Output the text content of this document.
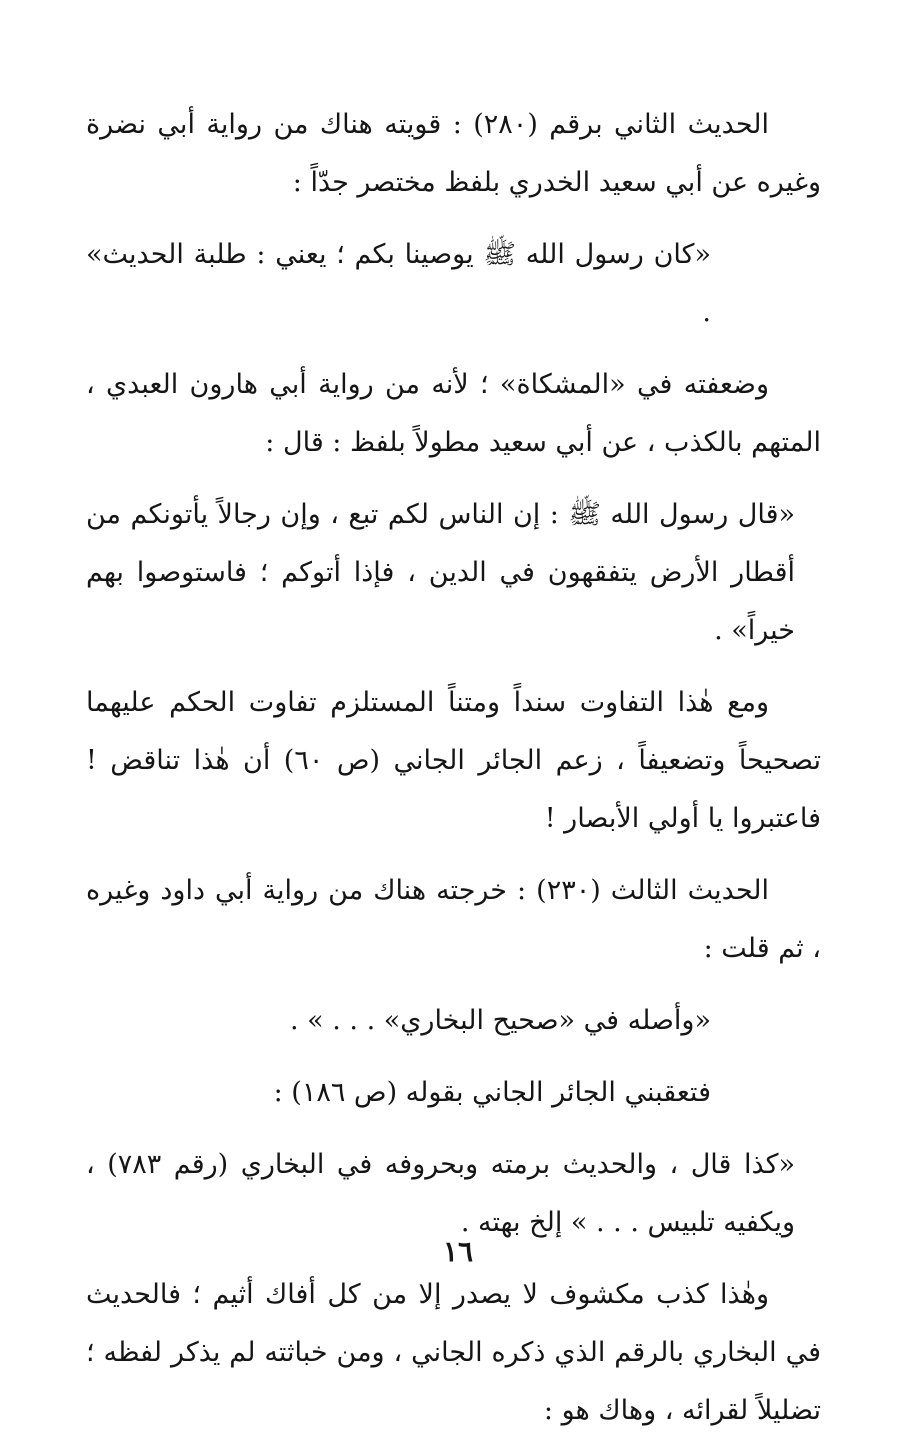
الحديث الثاني برقم (٢٨٠) : قويته هناك من رواية أبي نضرة وغيره عن أبي سعيد الخدري بلفظ مختصر جدّاً :

«كان رسول الله ﷺ يوصينا بكم ؛ يعني : طلبة الحديث» .

وضعفته في «المشكاة» ؛ لأنه من رواية أبي هارون العبدي ، المتهم بالكذب ، عن أبي سعيد مطولاً بلفظ : قال :

«قال رسول الله ﷺ : إن الناس لكم تبع ، وإن رجالاً يأتونكم من أقطار الأرض يتفقهون في الدين ، فإذا أتوكم ؛ فاستوصوا بهم خيراً» .

ومع هٰذا التفاوت سنداً ومتناً المستلزم تفاوت الحكم عليهما تصحيحاً وتضعيفاً ، زعم الجائر الجاني (ص ٦٠) أن هٰذا تناقض ! فاعتبروا يا أولي الأبصار !

الحديث الثالث (٢٣٠) : خرجته هناك من رواية أبي داود وغيره ، ثم قلت :

«وأصله في «صحيح البخاري» . . . » .

فتعقبني الجائر الجاني بقوله (ص ١٨٦) :

«كذا قال ، والحديث برمته وبحروفه في البخاري (رقم ٧٨٣) ، ويكفيه تلبيس . . . » إلخ بهته .

وهٰذا كذب مكشوف لا يصدر إلا من كل أفاك أثيم ؛ فالحديث في البخاري بالرقم الذي ذكره الجاني ، ومن خباثته لم يذكر لفظه ؛ تضليلاً لقرائه ، وهاك هو :

١٦
